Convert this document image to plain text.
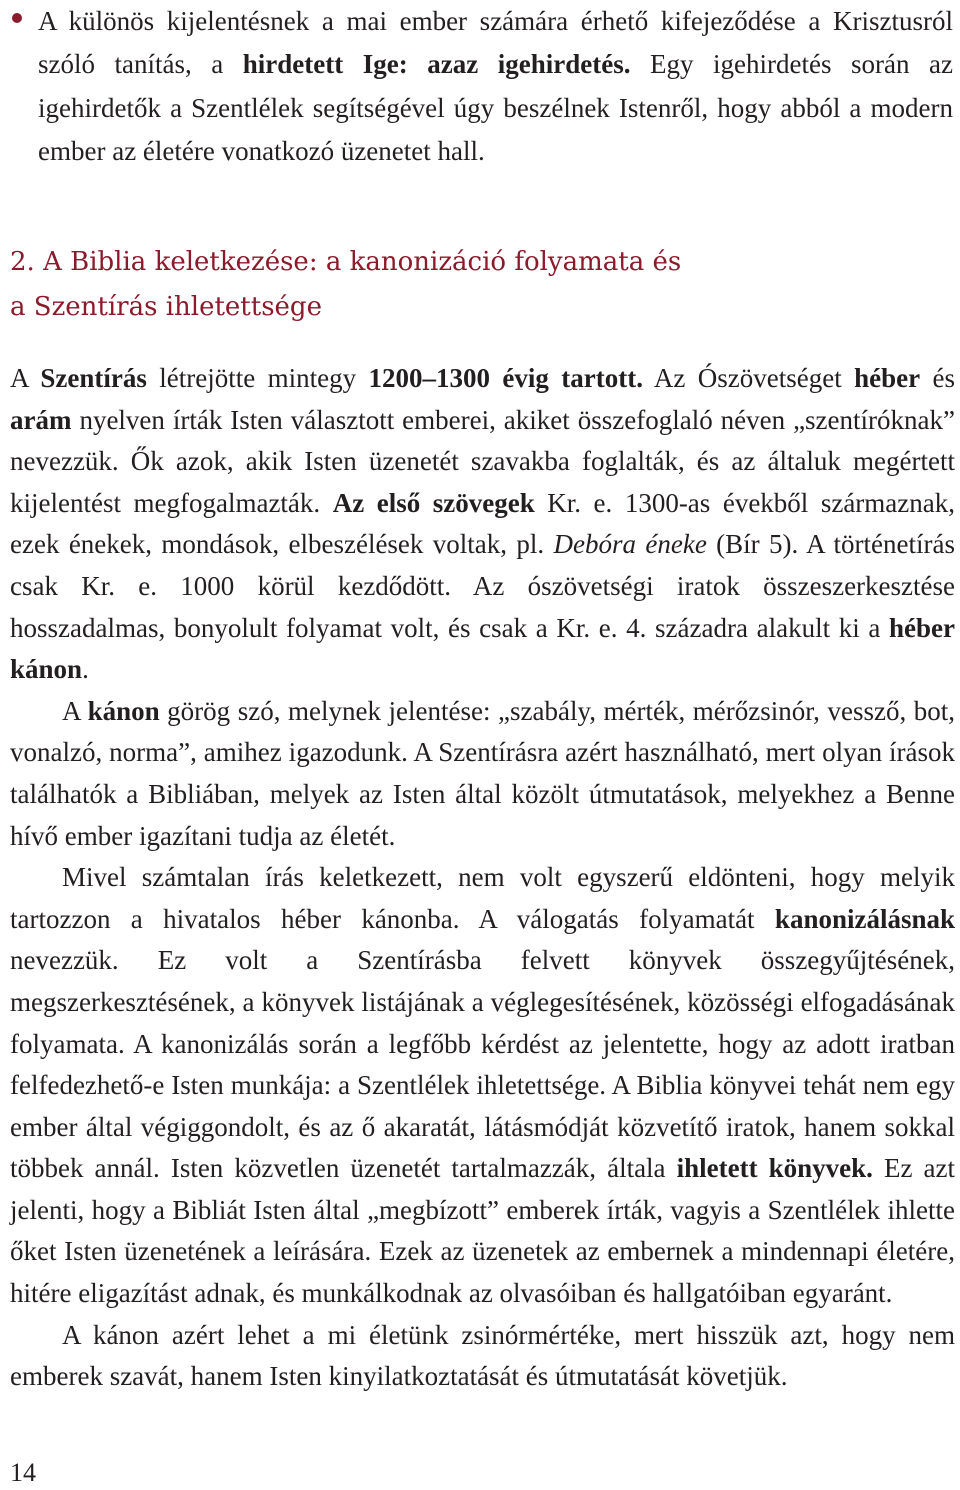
A különös kijelentésnek a mai ember számára érhető kifejeződése a Krisztusról szóló tanítás, a hirdetett Ige: azaz igehirdetés. Egy igehirdetés során az igehirdetők a Szentlélek segítségével úgy beszélnek Istenről, hogy abból a modern ember az életére vonatkozó üzenetet hall.
2. A Biblia keletkezése: a kanonizáció folyamata és
a Szentírás ihletettsége

A Szentírás létrejötte mintegy 1200–1300 évig tartott. Az Ószövetséget héber és arám nyelven írták Isten választott emberei, akiket összefoglaló néven „szentíróknak” nevezzük. Ők azok, akik Isten üzenetét szavakba foglalták, és az általuk megértett kijelentést megfogalmazták. Az első szövegek Kr. e. 1300-as évekből származnak, ezek énekek, mondások, elbeszélések voltak, pl. Debóra éneke (Bír 5). A történetírás csak Kr. e. 1000 körül kezdődött. Az ószövetségi iratok összeszerkesztése hosszadalmas, bonyolult folyamat volt, és csak a Kr. e. 4. századra alakult ki a héber kánon.

A kánon görög szó, melynek jelentése: „szabály, mérték, mérőzsinór, vessző, bot, vonalzó, norma”, amihez igazodunk. A Szentírásra azért használható, mert olyan írások találhatók a Bibliában, melyek az Isten által közölt útmutatások, melyekhez a Benne hívő ember igazítani tudja az életét.

Mivel számtalan írás keletkezett, nem volt egyszerű eldönteni, hogy melyik tartozzon a hivatalos héber kánonba. A válogatás folyamatát kanonizálásnak nevezzük. Ez volt a Szentírásba felvett könyvek összegyűjtésének, megszerkesztésének, a könyvek listájának a véglegesítésének, közösségi elfogadásának folyamata. A kanonizálás során a legfőbb kérdést az jelentette, hogy az adott iratban felfedezhető-e Isten munkája: a Szentlélek ihletettsége. A Biblia könyvei tehát nem egy ember által végiggondolt, és az ő akaratát, látásmódját közvetítő iratok, hanem sokkal többek annál. Isten közvetlen üzenetét tartalmazzák, általa ihletett könyvek. Ez azt jelenti, hogy a Bibliát Isten által „megbízott” emberek írták, vagyis a Szentlélek ihlette őket Isten üzenetének a leírására. Ezek az üzenetek az embernek a mindennapi életére, hitére eligazítást adnak, és munkálkodnak az olvasóiban és hallgatóiban egyaránt.

A kánon azért lehet a mi életünk zsinórmértéke, mert hisszük azt, hogy nem emberek szavát, hanem Isten kinyilatkoztatását és útmutatását követjük.

14
